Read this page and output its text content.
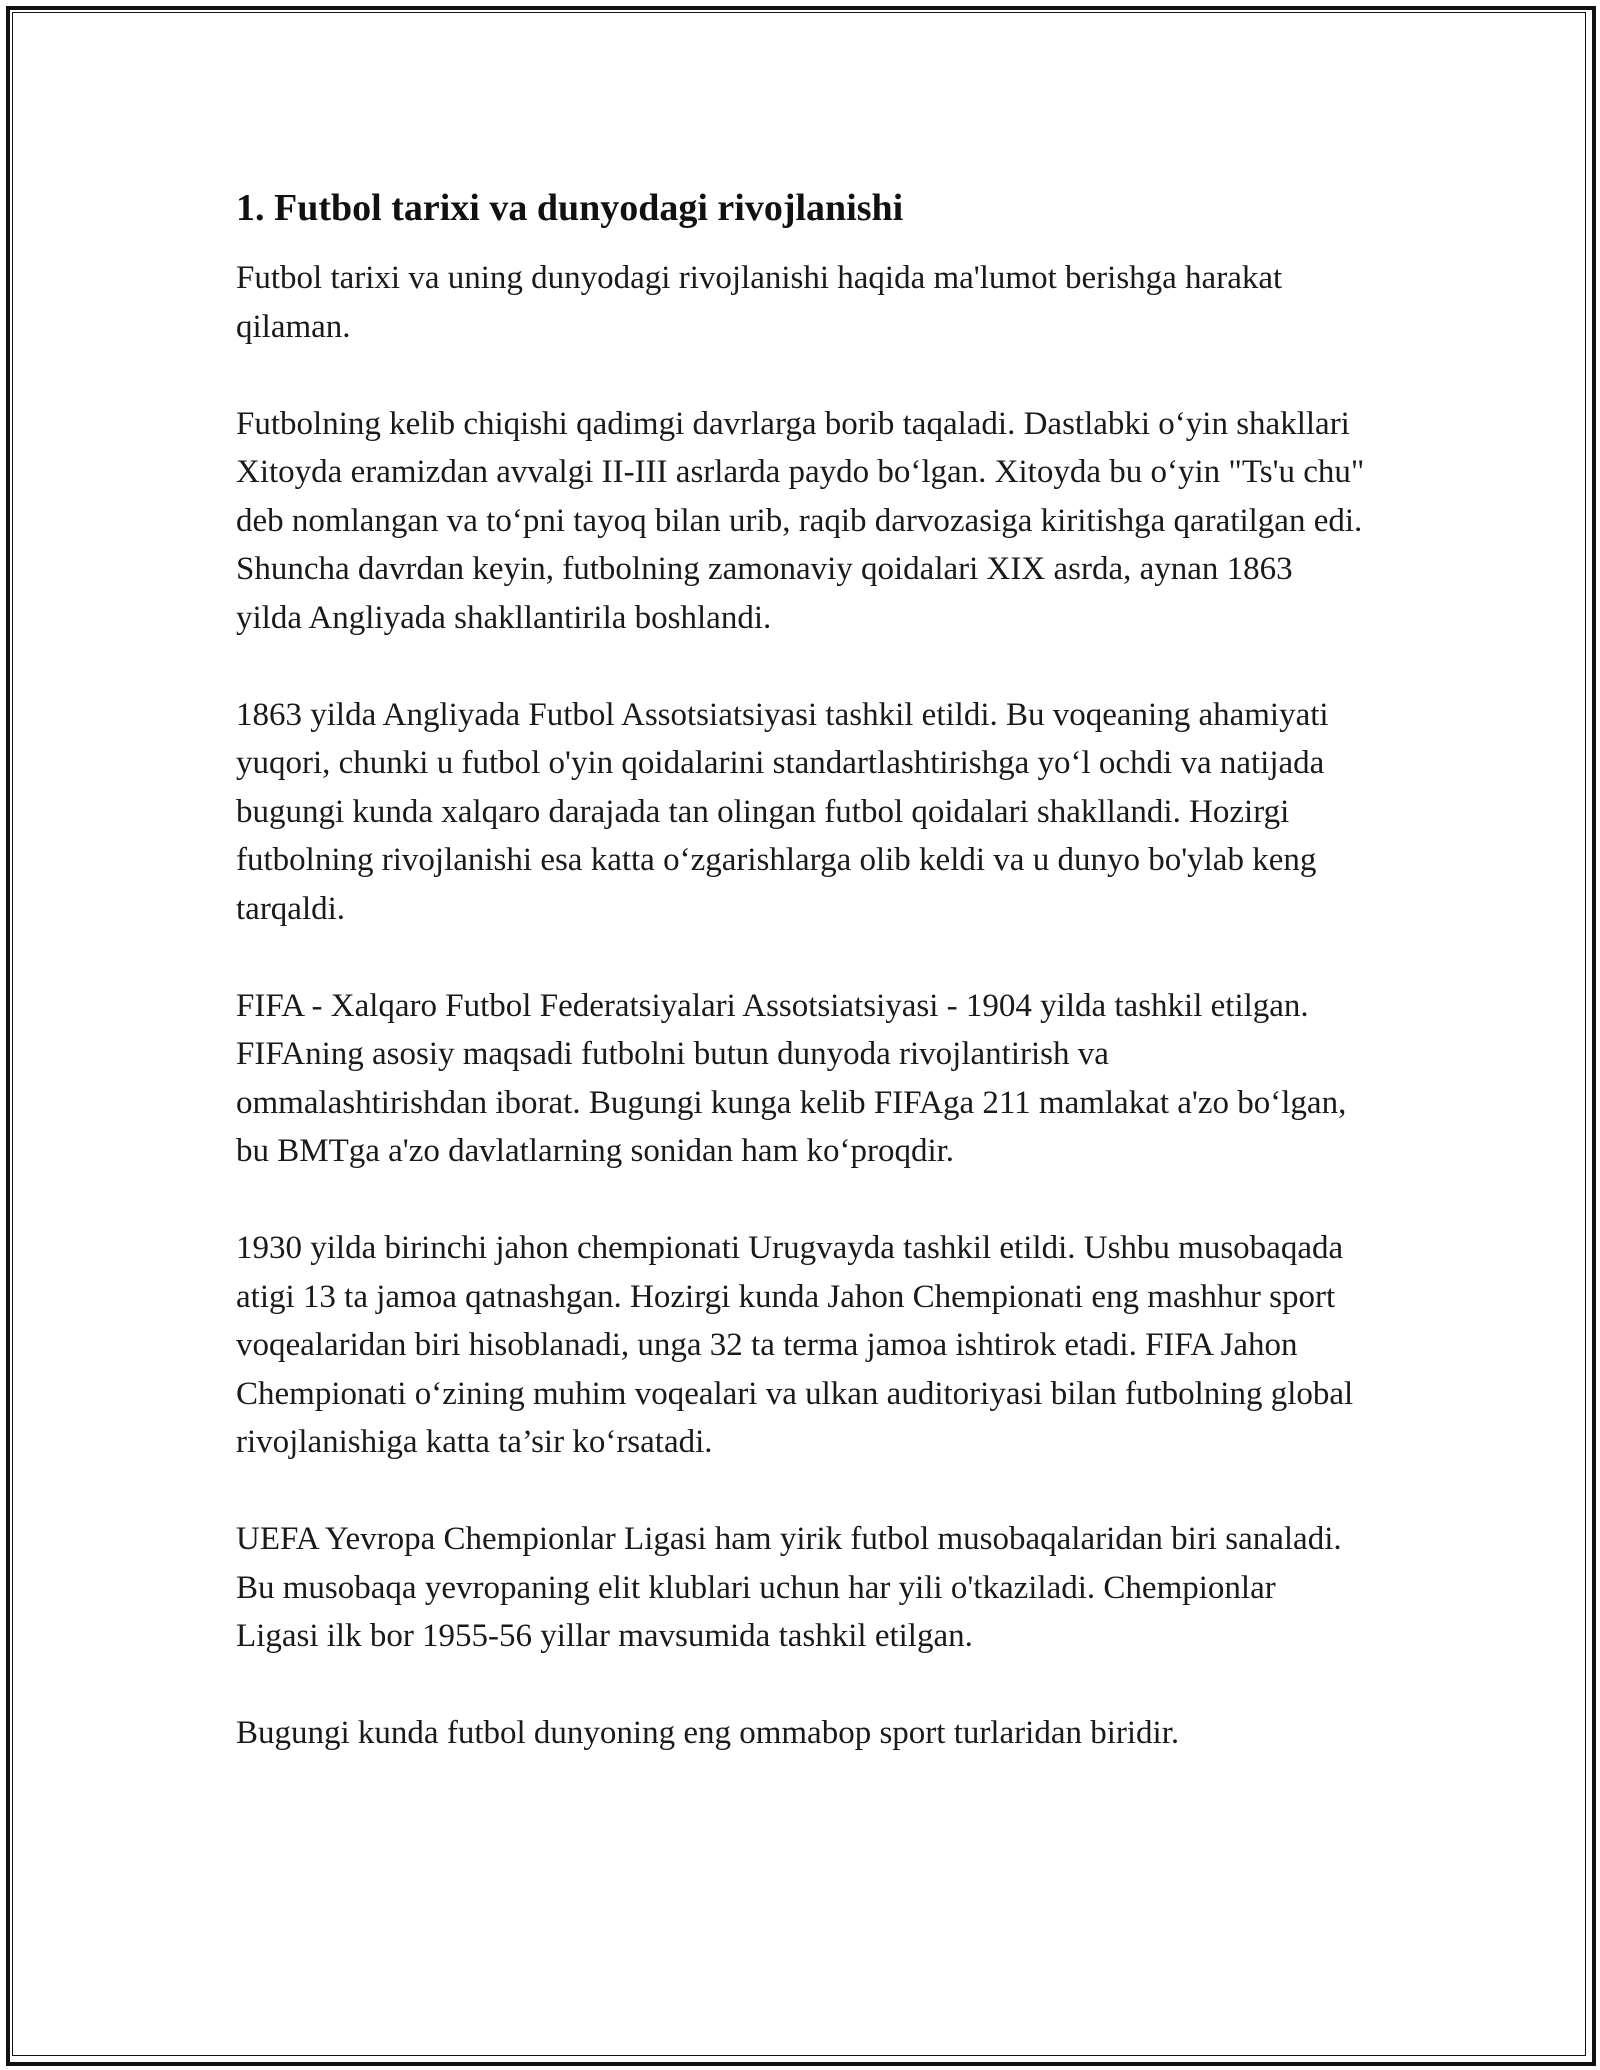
1. Futbol tarixi va dunyodagi rivojlanishi

Futbol tarixi va uning dunyodagi rivojlanishi haqida ma'lumot berishga harakat qilaman.

Futbolning kelib chiqishi qadimgi davrlarga borib taqaladi. Dastlabki o‘yin shakllari Xitoyda eramizdan avvalgi II-III asrlarda paydo bo‘lgan. Xitoyda bu o‘yin "Ts'u chu" deb nomlangan va to‘pni tayoq bilan urib, raqib darvozasiga kiritishga qaratilgan edi. Shuncha davrdan keyin, futbolning zamonaviy qoidalari XIX asrda, aynan 1863 yilda Angliyada shakllantirila boshlandi.

1863 yilda Angliyada Futbol Assotsiatsiyasi tashkil etildi. Bu voqeaning ahamiyati yuqori, chunki u futbol o'yin qoidalarini standartlashtirishga yo‘l ochdi va natijada bugungi kunda xalqaro darajada tan olingan futbol qoidalari shakllandi. Hozirgi futbolning rivojlanishi esa katta o‘zgarishlarga olib keldi va u dunyo bo'ylab keng tarqaldi.

FIFA - Xalqaro Futbol Federatsiyalari Assotsiatsiyasi - 1904 yilda tashkil etilgan. FIFAning asosiy maqsadi futbolni butun dunyoda rivojlantirish va ommalashtirishdan iborat. Bugungi kunga kelib FIFAga 211 mamlakat a'zo bo‘lgan, bu BMTga a'zo davlatlarning sonidan ham ko‘proqdir.

1930 yilda birinchi jahon chempionati Urugvayda tashkil etildi. Ushbu musobaqada atigi 13 ta jamoa qatnashgan. Hozirgi kunda Jahon Chempionati eng mashhur sport voqealaridan biri hisoblanadi, unga 32 ta terma jamoa ishtirok etadi. FIFA Jahon Chempionati o‘zining muhim voqealari va ulkan auditoriyasi bilan futbolning global rivojlanishiga katta ta’sir ko‘rsatadi.

UEFA Yevropa Chempionlar Ligasi ham yirik futbol musobaqalaridan biri sanaladi. Bu musobaqa yevropaning elit klublari uchun har yili o'tkaziladi. Chempionlar Ligasi ilk bor 1955-56 yillar mavsumida tashkil etilgan.

Bugungi kunda futbol dunyoning eng ommabop sport turlaridan biridir.
